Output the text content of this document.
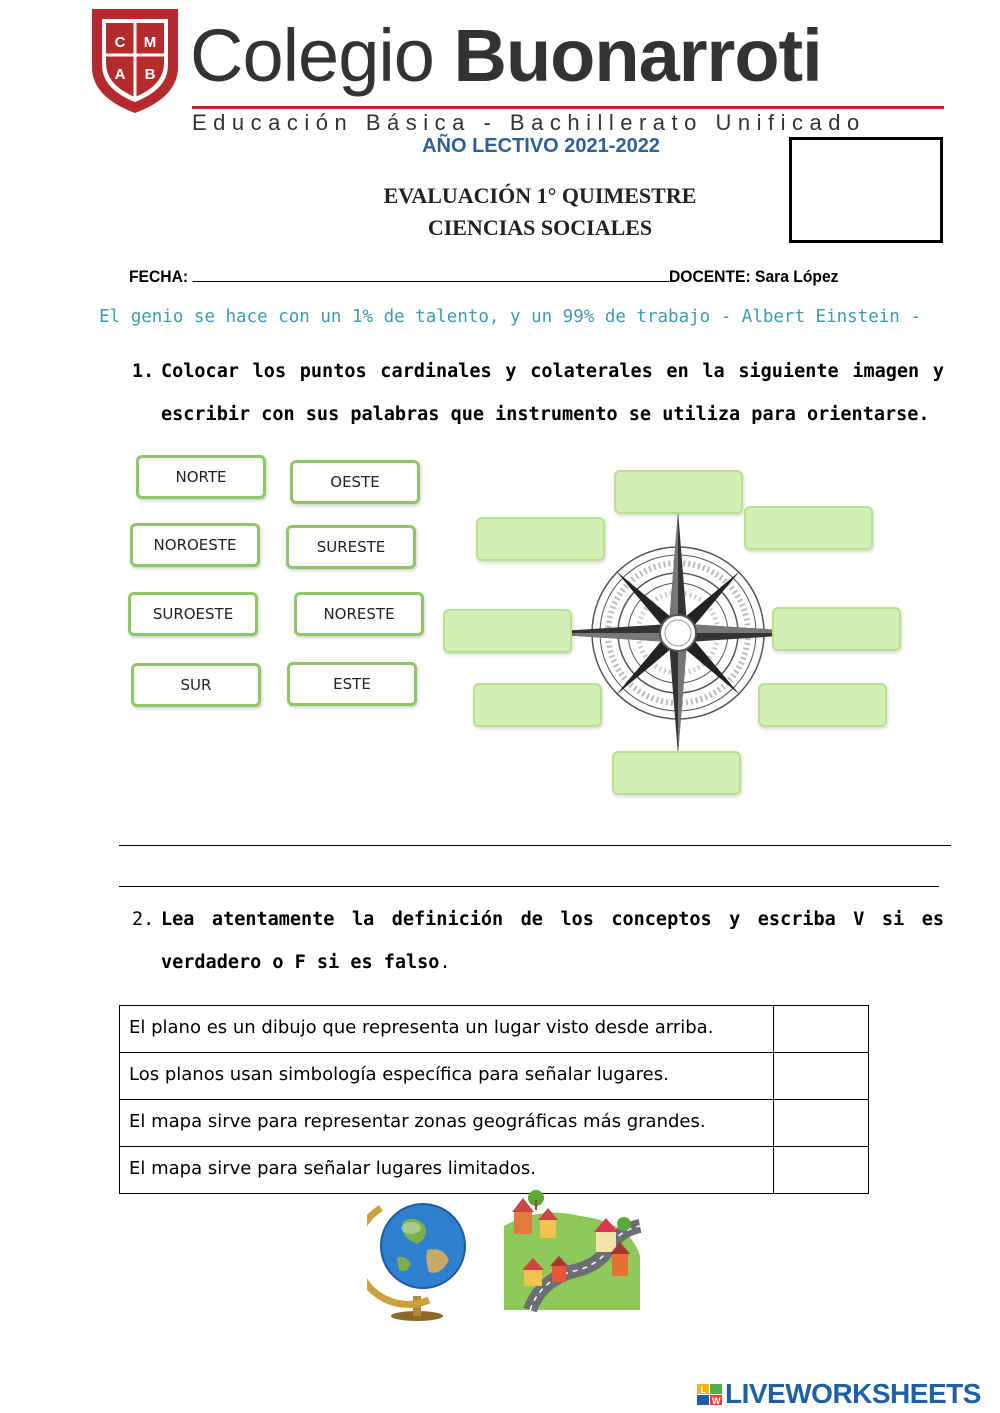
C M
A B Colegio Buonarroti
Educación Básica - Bachillerato Unificado
AÑO LECTIVO 2021-2022
EVALUACIÓN 1° QUIMESTRE
CIENCIAS SOCIALES
FECHA:	DOCENTE: Sara López
El genio se hace con un 1% de talento, y un 99% de trabajo - Albert Einstein -
1. Colocar los puntos cardinales y colaterales en la siguiente imagen y escribir con sus palabras que instrumento se utiliza para orientarse.
NORTE	OESTE
NOROESTE	SURESTE
SUROESTE	NORESTE
SUR	ESTE
2. Lea atentamente la definición de los conceptos y escriba V si es verdadero o F si es falso.
El plano es un dibujo que representa un lugar visto desde arriba.	
Los planos usan simbología específica para señalar lugares.	
El mapa sirve para representar zonas geográficas más grandes.	
El mapa sirve para señalar lugares limitados.	
L
W LIVEWORKSHEETS
